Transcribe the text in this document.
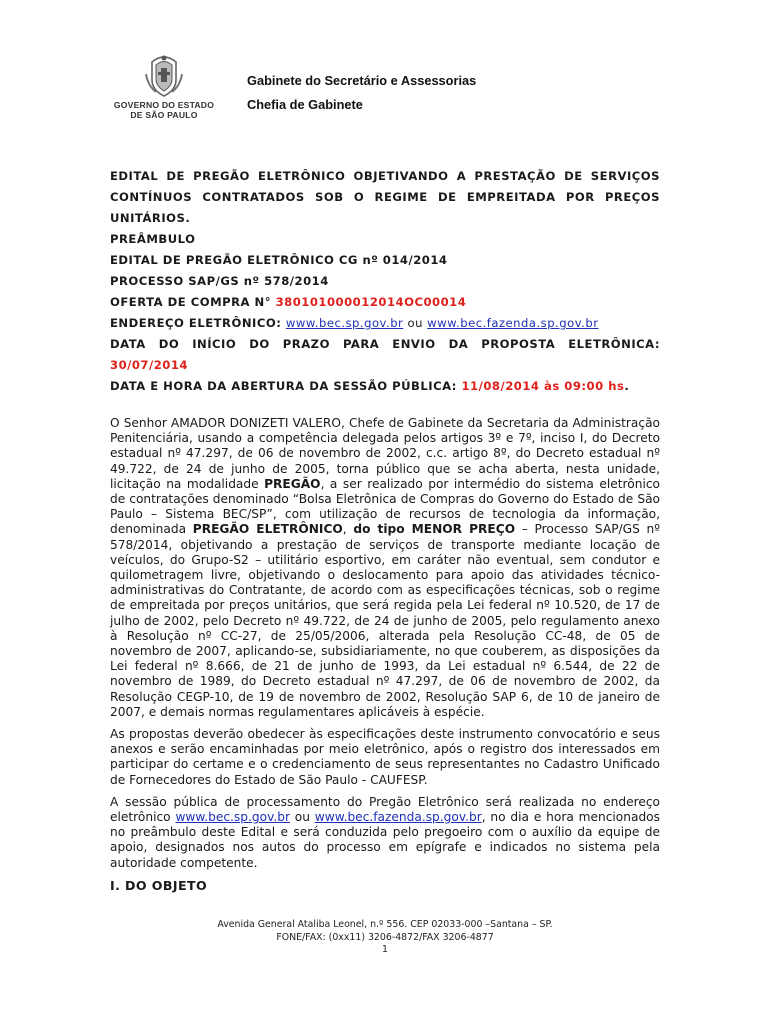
GOVERNO DO ESTADO
DE SÃO PAULO
Gabinete do Secretário e Assessorias
Chefia de Gabinete

EDITAL DE PREGÃO ELETRÔNICO OBJETIVANDO A PRESTAÇÃO DE SERVIÇOS

CONTÍNUOS CONTRATADOS SOB O REGIME DE EMPREITADA POR PREÇOS

UNITÁRIOS.

PREÂMBULO

EDITAL DE PREGÃO ELETRÔNICO CG nº 014/2014

PROCESSO SAP/GS nº 578/2014

OFERTA DE COMPRA N° 380101000012014OC00014

ENDEREÇO ELETRÔNICO: www.bec.sp.gov.br ou www.bec.fazenda.sp.gov.br

DATA DO INÍCIO DO PRAZO PARA ENVIO DA PROPOSTA ELETRÔNICA:

30/07/2014

DATA E HORA DA ABERTURA DA SESSÃO PÚBLICA: 11/08/2014 às 09:00 hs.

O Senhor AMADOR DONIZETI VALERO, Chefe de Gabinete da Secretaria da Administração Penitenciária, usando a competência delegada pelos artigos 3º e 7º, inciso I, do Decreto estadual nº 47.297, de 06 de novembro de 2002, c.c. artigo 8º, do Decreto estadual nº 49.722, de 24 de junho de 2005, torna público que se acha aberta, nesta unidade, licitação na modalidade PREGÃO, a ser realizado por intermédio do sistema eletrônico de contratações denominado “Bolsa Eletrônica de Compras do Governo do Estado de São Paulo – Sistema BEC/SP”, com utilização de recursos de tecnologia da informação, denominada PREGÃO ELETRÔNICO, do tipo MENOR PREÇO – Processo SAP/GS nº 578/2014, objetivando a prestação de serviços de transporte mediante locação de veículos, do Grupo-S2 – utilitário esportivo, em caráter não eventual, sem condutor e quilometragem livre, objetivando o deslocamento para apoio das atividades técnico-administrativas do Contratante, de acordo com as especificações técnicas, sob o regime de empreitada por preços unitários, que será regida pela Lei federal nº 10.520, de 17 de julho de 2002, pelo Decreto nº 49.722, de 24 de junho de 2005, pelo regulamento anexo à Resolução nº CC-27, de 25/05/2006, alterada pela Resolução CC-48, de 05 de novembro de 2007, aplicando-se, subsidiariamente, no que couberem, as disposições da Lei federal nº 8.666, de 21 de junho de 1993, da Lei estadual nº 6.544, de 22 de novembro de 1989, do Decreto estadual nº 47.297, de 06 de novembro de 2002, da Resolução CEGP-10, de 19 de novembro de 2002, Resolução SAP 6, de 10 de janeiro de 2007, e demais normas regulamentares aplicáveis à espécie.

As propostas deverão obedecer às especificações deste instrumento convocatório e seus anexos e serão encaminhadas por meio eletrônico, após o registro dos interessados em participar do certame e o credenciamento de seus representantes no Cadastro Unificado de Fornecedores do Estado de São Paulo - CAUFESP.

A sessão pública de processamento do Pregão Eletrônico será realizada no endereço eletrônico www.bec.sp.gov.br ou www.bec.fazenda.sp.gov.br, no dia e hora mencionados no preâmbulo deste Edital e será conduzida pelo pregoeiro com o auxílio da equipe de apoio, designados nos autos do processo em epígrafe e indicados no sistema pela autoridade competente.

I. DO OBJETO
Avenida General Ataliba Leonel, n.º 556. CEP 02033-000 –Santana – SP.
FONE/FAX: (0xx11) 3206-4872/FAX 3206-4877
1
